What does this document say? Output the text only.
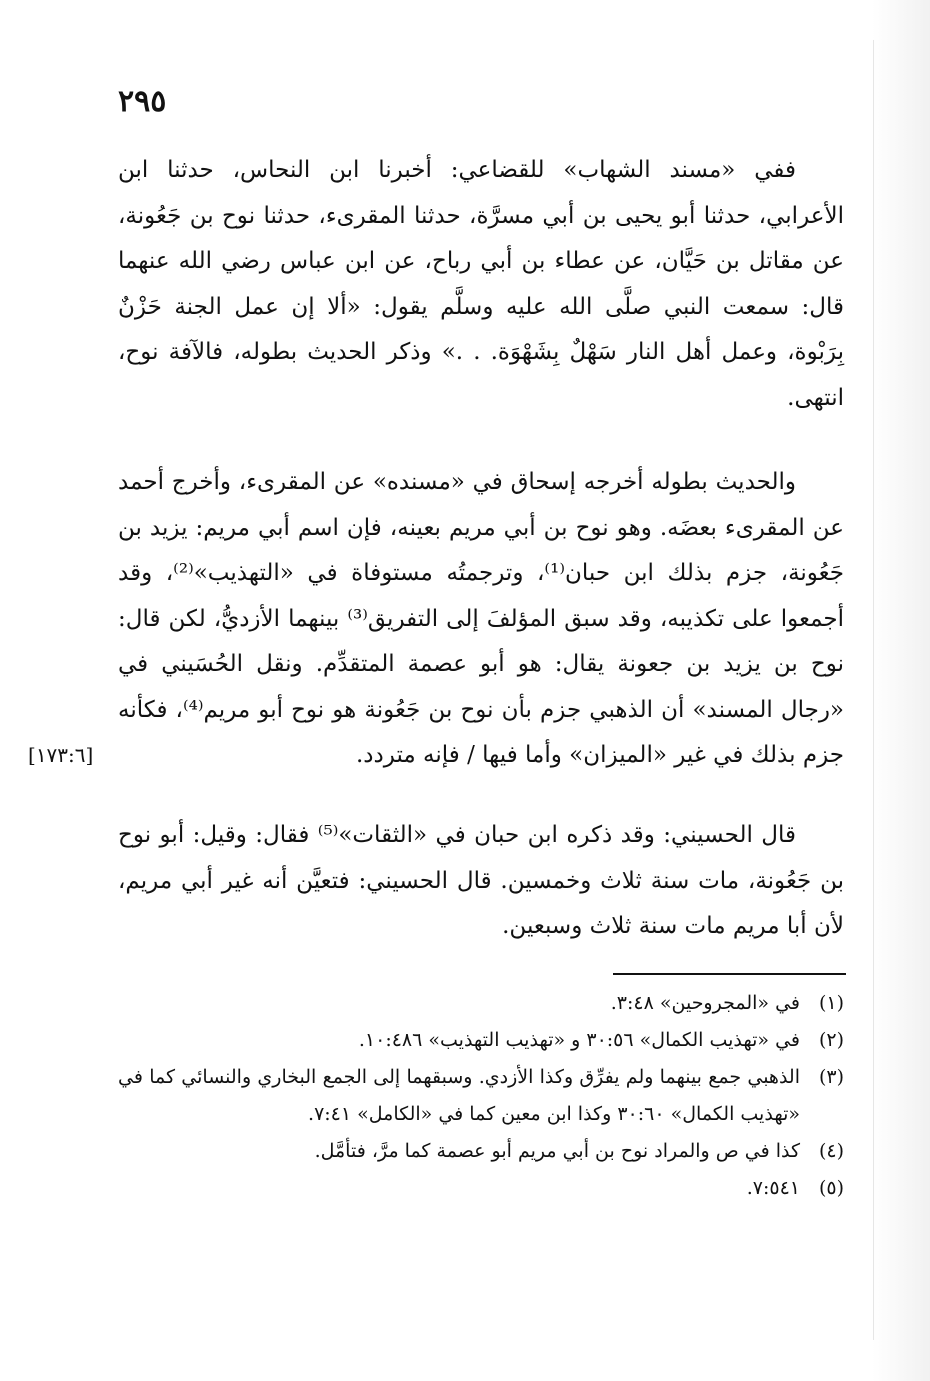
٢٩٥

ففي «مسند الشهاب» للقضاعي: أخبرنا ابن النحاس، حدثنا ابن الأعرابي، حدثنا أبو يحيى بن أبي مسرَّة، حدثنا المقرىء، حدثنا نوح بن جَعُونة، عن مقاتل بن حَيَّان، عن عطاء بن أبي رباح، عن ابن عباس رضي الله عنهما قال: سمعت النبي صلَّى الله عليه وسلَّم يقول: «ألا إن عمل الجنة حَزْنٌ بِرَبْوة، وعمل أهل النار سَهْلٌ بِشَهْوَة. . .» وذكر الحديث بطوله، فالآفة نوح، انتهى.

والحديث بطوله أخرجه إسحاق في «مسنده» عن المقرىء، وأخرج أحمد عن المقرىء بعضَه. وهو نوح بن أبي مريم بعينه، فإن اسم أبي مريم: يزيد بن جَعُونة، جزم بذلك ابن حبان⁽¹⁾، وترجمتُه مستوفاة في «التهذيب»⁽²⁾، وقد أجمعوا على تكذيبه، وقد سبق المؤلفَ إلى التفريق⁽³⁾ بينهما الأزديُّ، لكن قال: نوح بن يزيد بن جعونة يقال: هو أبو عصمة المتقدِّم. ونقل الحُسَيني في «رجال المسند» أن الذهبي جزم بأن نوح بن جَعُونة هو نوح أبو مريم⁽⁴⁾، فكأنه جزم بذلك في غير «الميزان» وأما فيها / فإنه متردد.

[١٧٣:٦]

قال الحسيني: وقد ذكره ابن حبان في «الثقات»⁽⁵⁾ فقال: وقيل: أبو نوح بن جَعُونة، مات سنة ثلاث وخمسين. قال الحسيني: فتعيَّن أنه غير أبي مريم، لأن أبا مريم مات سنة ثلاث وسبعين.

(١)
في «المجروحين» ٣:٤٨.
(٢)
في «تهذيب الكمال» ٣٠:٥٦ و «تهذيب التهذيب» ١٠:٤٨٦.
(٣)
الذهبي جمع بينهما ولم يفرِّق وكذا الأزدي. وسبقهما إلى الجمع البخاري والنسائي كما في «تهذيب الكمال» ٣٠:٦٠ وكذا ابن معين كما في «الكامل» ٧:٤١.
(٤)
كذا في ص والمراد نوح بن أبي مريم أبو عصمة كما مرَّ، فتأمَّل.
(٥)
٧:٥٤١.
